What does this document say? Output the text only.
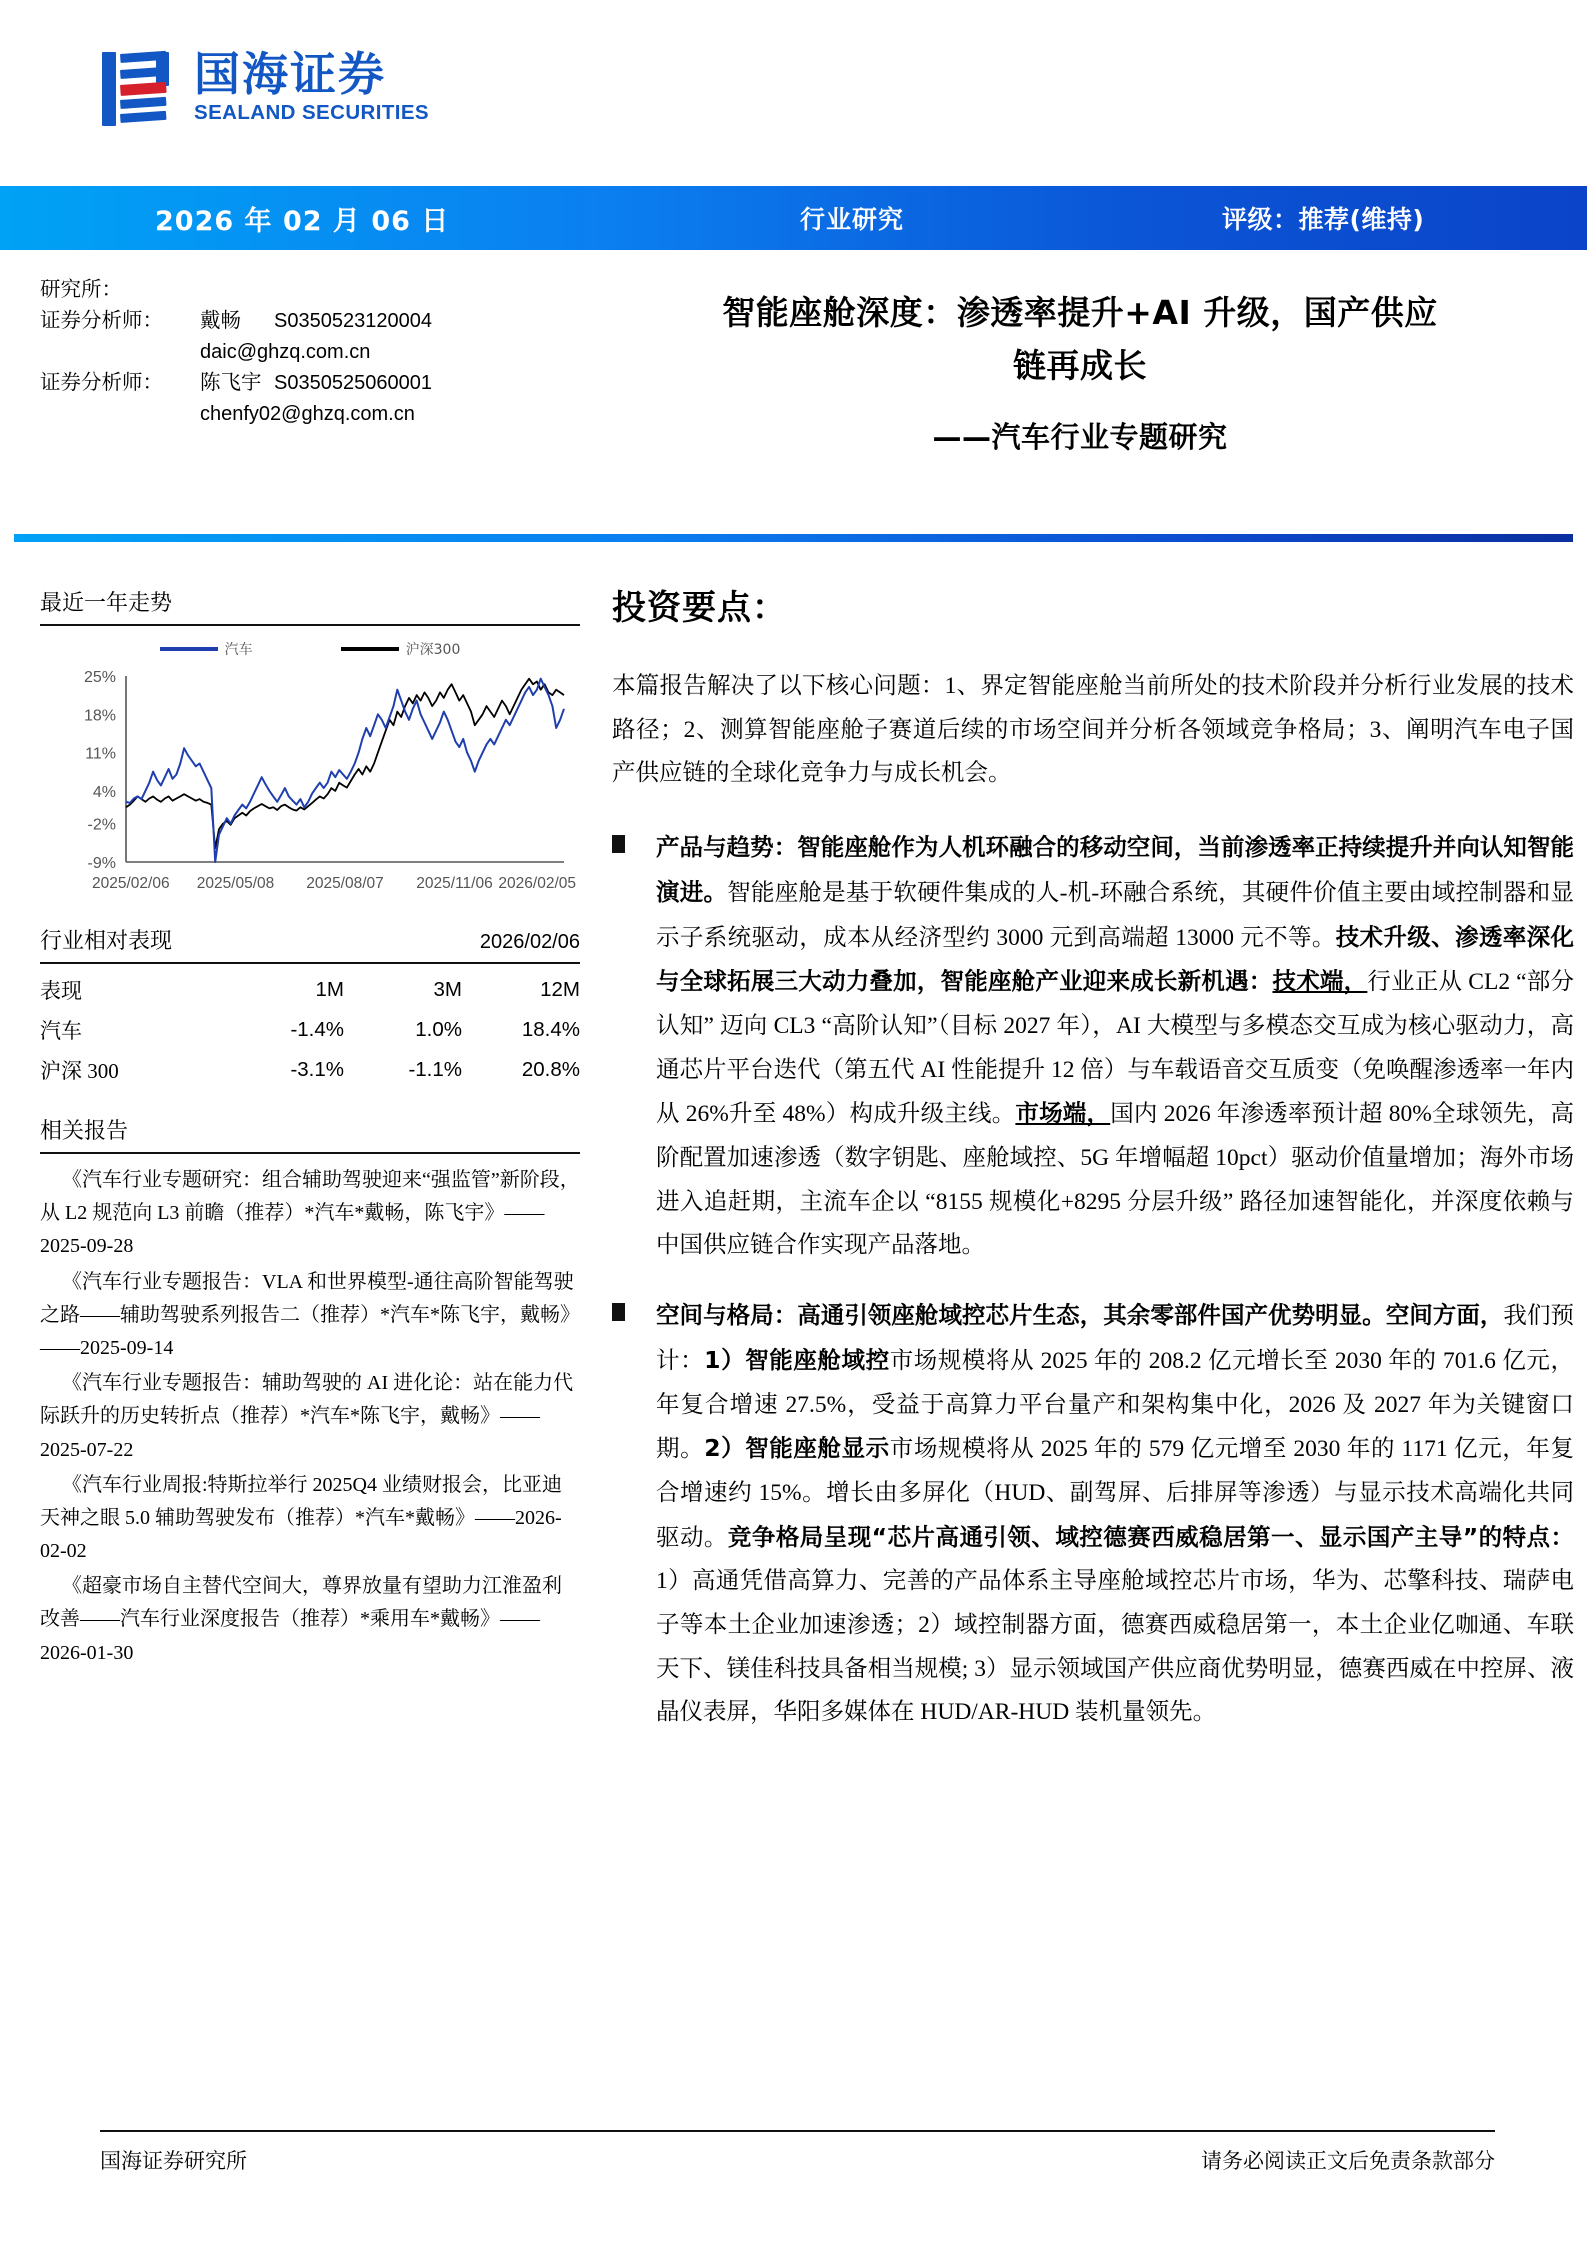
国海证券
SEALAND SECURITIES
2026 年 02 月 06 日	行业研究	评级：推荐(维持)
研究所：
证券分析师：	戴畅 S0350523120004
daic@ghzq.com.cn
证券分析师：	陈飞宇 S0350525060001
chenfy02@ghzq.com.cn
智能座舱深度：渗透率提升+AI 升级，国产供应
链再成长
——汽车行业专题研究
最近一年走势
汽车	沪深300
-9%
-2%
4%
11%
18%
25%
2025/02/06 2025/05/08 2025/08/07 2025/11/06 2026/02/05
行业相对表现	2026/02/06
表现	1M	3M	12M
汽车	-1.4%	1.0%	18.4%
沪深 300	-3.1%	-1.1%	20.8%
相关报告
《汽车行业专题研究：组合辅助驾驶迎来“强监管”新阶段，从 L2 规范向 L3 前瞻（推荐）*汽车*戴畅，陈飞宇》——2025-09-28
《汽车行业专题报告：VLA 和世界模型-通往高阶智能驾驶之路——辅助驾驶系列报告二（推荐）*汽车*陈飞宇，戴畅》——2025-09-14
《汽车行业专题报告：辅助驾驶的 AI 进化论：站在能力代际跃升的历史转折点（推荐）*汽车*陈飞宇，戴畅》——2025-07-22
《汽车行业周报:特斯拉举行 2025Q4 业绩财报会，比亚迪天神之眼 5.0 辅助驾驶发布（推荐）*汽车*戴畅》——2026-02-02
《超豪市场自主替代空间大，尊界放量有望助力江淮盈利改善——汽车行业深度报告（推荐）*乘用车*戴畅》——2026-01-30
投资要点：
本篇报告解决了以下核心问题：1、界定智能座舱当前所处的技术阶段并分析行业发展的技术路径；2、测算智能座舱子赛道后续的市场空间并分析各领域竞争格局；3、阐明汽车电子国产供应链的全球化竞争力与成长机会。
产品与趋势：智能座舱作为人机环融合的移动空间，当前渗透率正持续提升并向认知智能演进。智能座舱是基于软硬件集成的人-机-环融合系统，其硬件价值主要由域控制器和显示子系统驱动，成本从经济型约 3000 元到高端超 13000 元不等。技术升级、渗透率深化与全球拓展三大动力叠加，智能座舱产业迎来成长新机遇：技术端，行业正从 CL2 “部分认知” 迈向 CL3 “高阶认知”（目标 2027 年），AI 大模型与多模态交互成为核心驱动力，高通芯片平台迭代（第五代 AI 性能提升 12 倍）与车载语音交互质变（免唤醒渗透率一年内从 26%升至 48%）构成升级主线。市场端，国内 2026 年渗透率预计超 80%全球领先，高阶配置加速渗透（数字钥匙、座舱域控、5G 年增幅超 10pct）驱动价值量增加；海外市场进入追赶期，主流车企以 “8155 规模化+8295 分层升级” 路径加速智能化，并深度依赖与中国供应链合作实现产品落地。
空间与格局：高通引领座舱域控芯片生态，其余零部件国产优势明显。空间方面，我们预计：1）智能座舱域控市场规模将从 2025 年的 208.2 亿元增长至 2030 年的 701.6 亿元，年复合增速 27.5%，受益于高算力平台量产和架构集中化，2026 及 2027 年为关键窗口期。2）智能座舱显示市场规模将从 2025 年的 579 亿元增至 2030 年的 1171 亿元，年复合增速约 15%。增长由多屏化（HUD、副驾屏、后排屏等渗透）与显示技术高端化共同驱动。竞争格局呈现“芯片高通引领、域控德赛西威稳居第一、显示国产主导”的特点：1）高通凭借高算力、完善的产品体系主导座舱域控芯片市场，华为、芯擎科技、瑞萨电子等本土企业加速渗透；2）域控制器方面，德赛西威稳居第一，本土企业亿咖通、车联天下、镁佳科技具备相当规模; 3）显示领域国产供应商优势明显，德赛西威在中控屏、液晶仪表屏，华阳多媒体在 HUD/AR-HUD 装机量领先。
国海证券研究所	请务必阅读正文后免责条款部分
